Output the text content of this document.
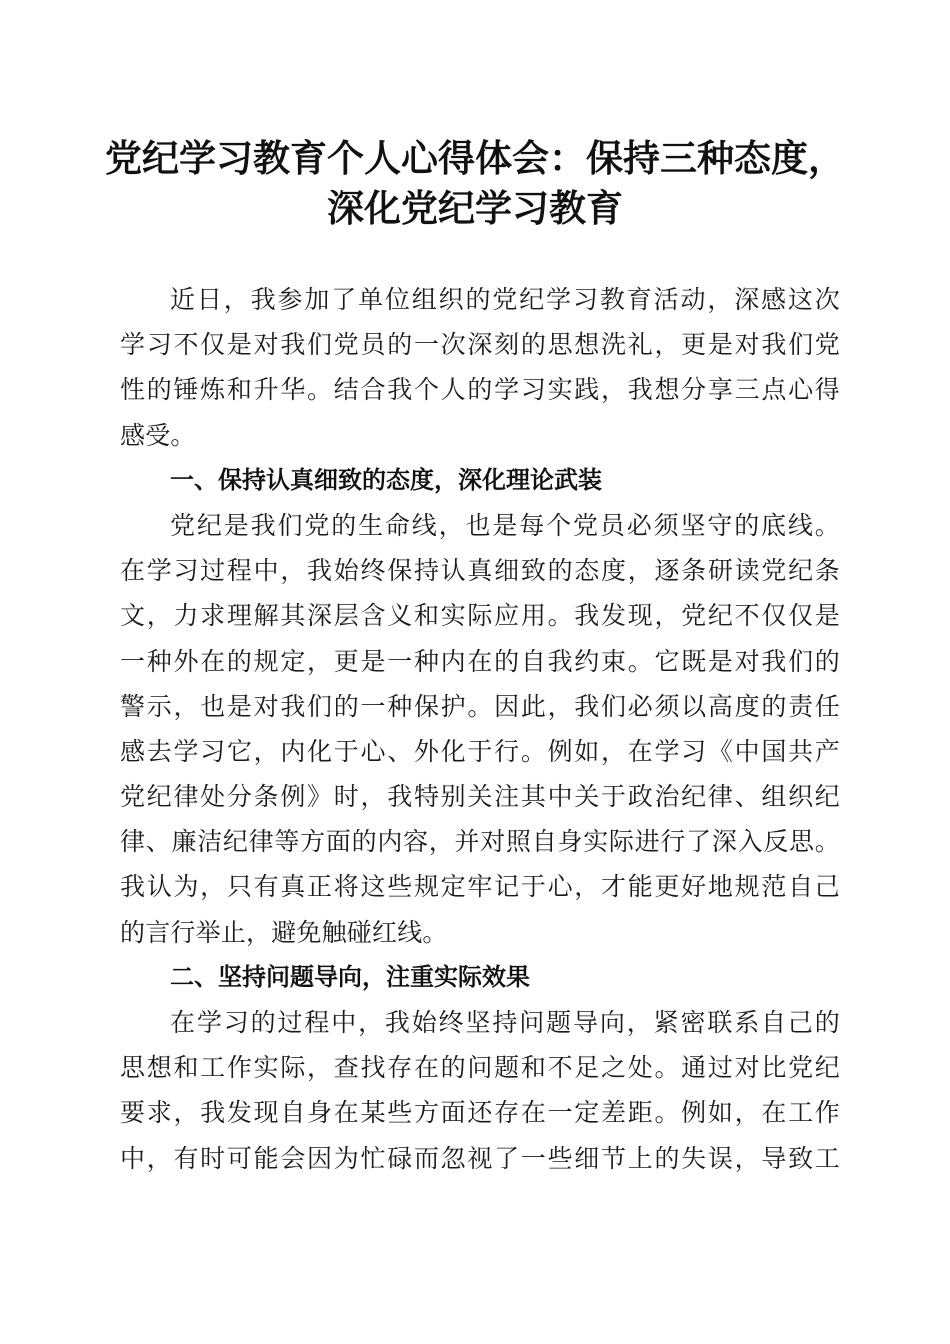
党纪学习教育个人心得体会：保持三种态度，
深化党纪学习教育
近日，我参加了单位组织的党纪学习教育活动，深感这次
学习不仅是对我们党员的一次深刻的思想洗礼，更是对我们党
性的锤炼和升华。结合我个人的学习实践，我想分享三点心得
感受。
一、保持认真细致的态度，深化理论武装
党纪是我们党的生命线，也是每个党员必须坚守的底线。
在学习过程中，我始终保持认真细致的态度，逐条研读党纪条
文，力求理解其深层含义和实际应用。我发现，党纪不仅仅是
一种外在的规定，更是一种内在的自我约束。它既是对我们的
警示，也是对我们的一种保护。因此，我们必须以高度的责任
感去学习它，内化于心、外化于行。例如，在学习《中国共产
党纪律处分条例》时，我特别关注其中关于政治纪律、组织纪
律、廉洁纪律等方面的内容，并对照自身实际进行了深入反思。
我认为，只有真正将这些规定牢记于心，才能更好地规范自己
的言行举止，避免触碰红线。
二、坚持问题导向，注重实际效果
在学习的过程中，我始终坚持问题导向，紧密联系自己的
思想和工作实际，查找存在的问题和不足之处。通过对比党纪
要求，我发现自身在某些方面还存在一定差距。例如，在工作
中，有时可能会因为忙碌而忽视了一些细节上的失误，导致工
